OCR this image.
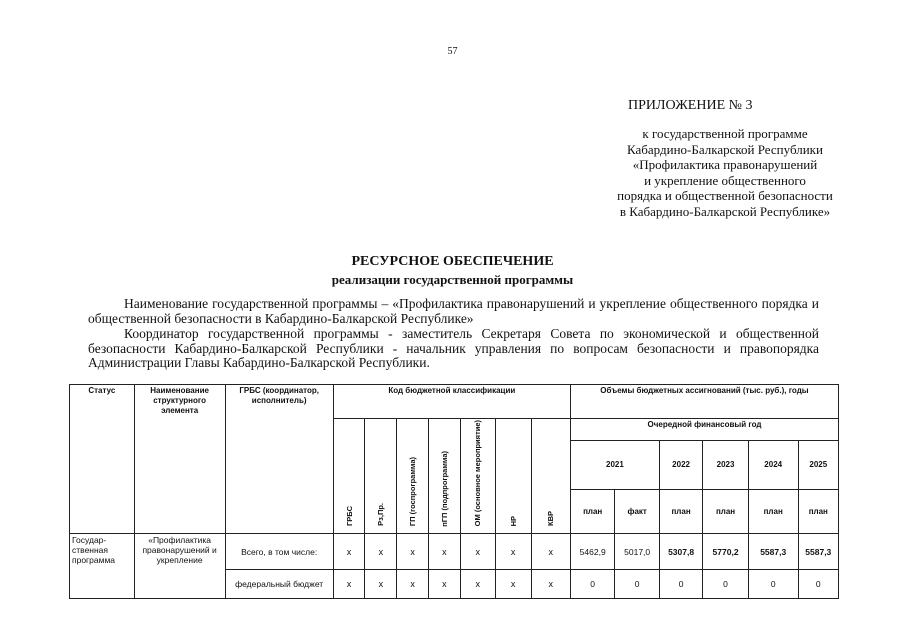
57
ПРИЛОЖЕНИЕ № 3
к государственной программе
Кабардино-Балкарской Республики
«Профилактика правонарушений
и укрепление общественного
порядка и общественной безопасности
в Кабардино-Балкарской Республике»
РЕСУРСНОЕ ОБЕСПЕЧЕНИЕ
реализации государственной программы
Наименование государственной программы – «Профилактика правонарушений и укрепление общественного порядка и общественной безопасности в Кабардино-Балкарской Республике»
Координатор государственной программы - заместитель Секретаря Совета по экономической и общественной безопасности Кабардино-Балкарской Республики - начальник управления по вопросам безопасности и правопорядка Администрации Главы Кабардино-Балкарской Республики.
Статус	Наименование структурного элемента	ГРБС (координатор, исполнитель)	Код бюджетной классификации							Объемы бюджетных ассигнований (тыс. руб.), годы					
			ГРБС	Рз,Пр.	ГП (госпрограмма)	пГП (подпрограмма)	ОМ (основное мероприятие)	НР	КВР	Очередной финансовый год					
										2021		2022	2023	2024	2025
										план	факт	план	план	план	план
Государ-ственная программа	«Профилактика правонарушений и укрепление	Всего, в том числе:	x	x	x	x	x	x	x	5462,9	5017,0	5307,8	5770,2	5587,3	5587,3
		федеральный бюджет	x	x	x	x	x	x	x	0	0	0	0	0	0
